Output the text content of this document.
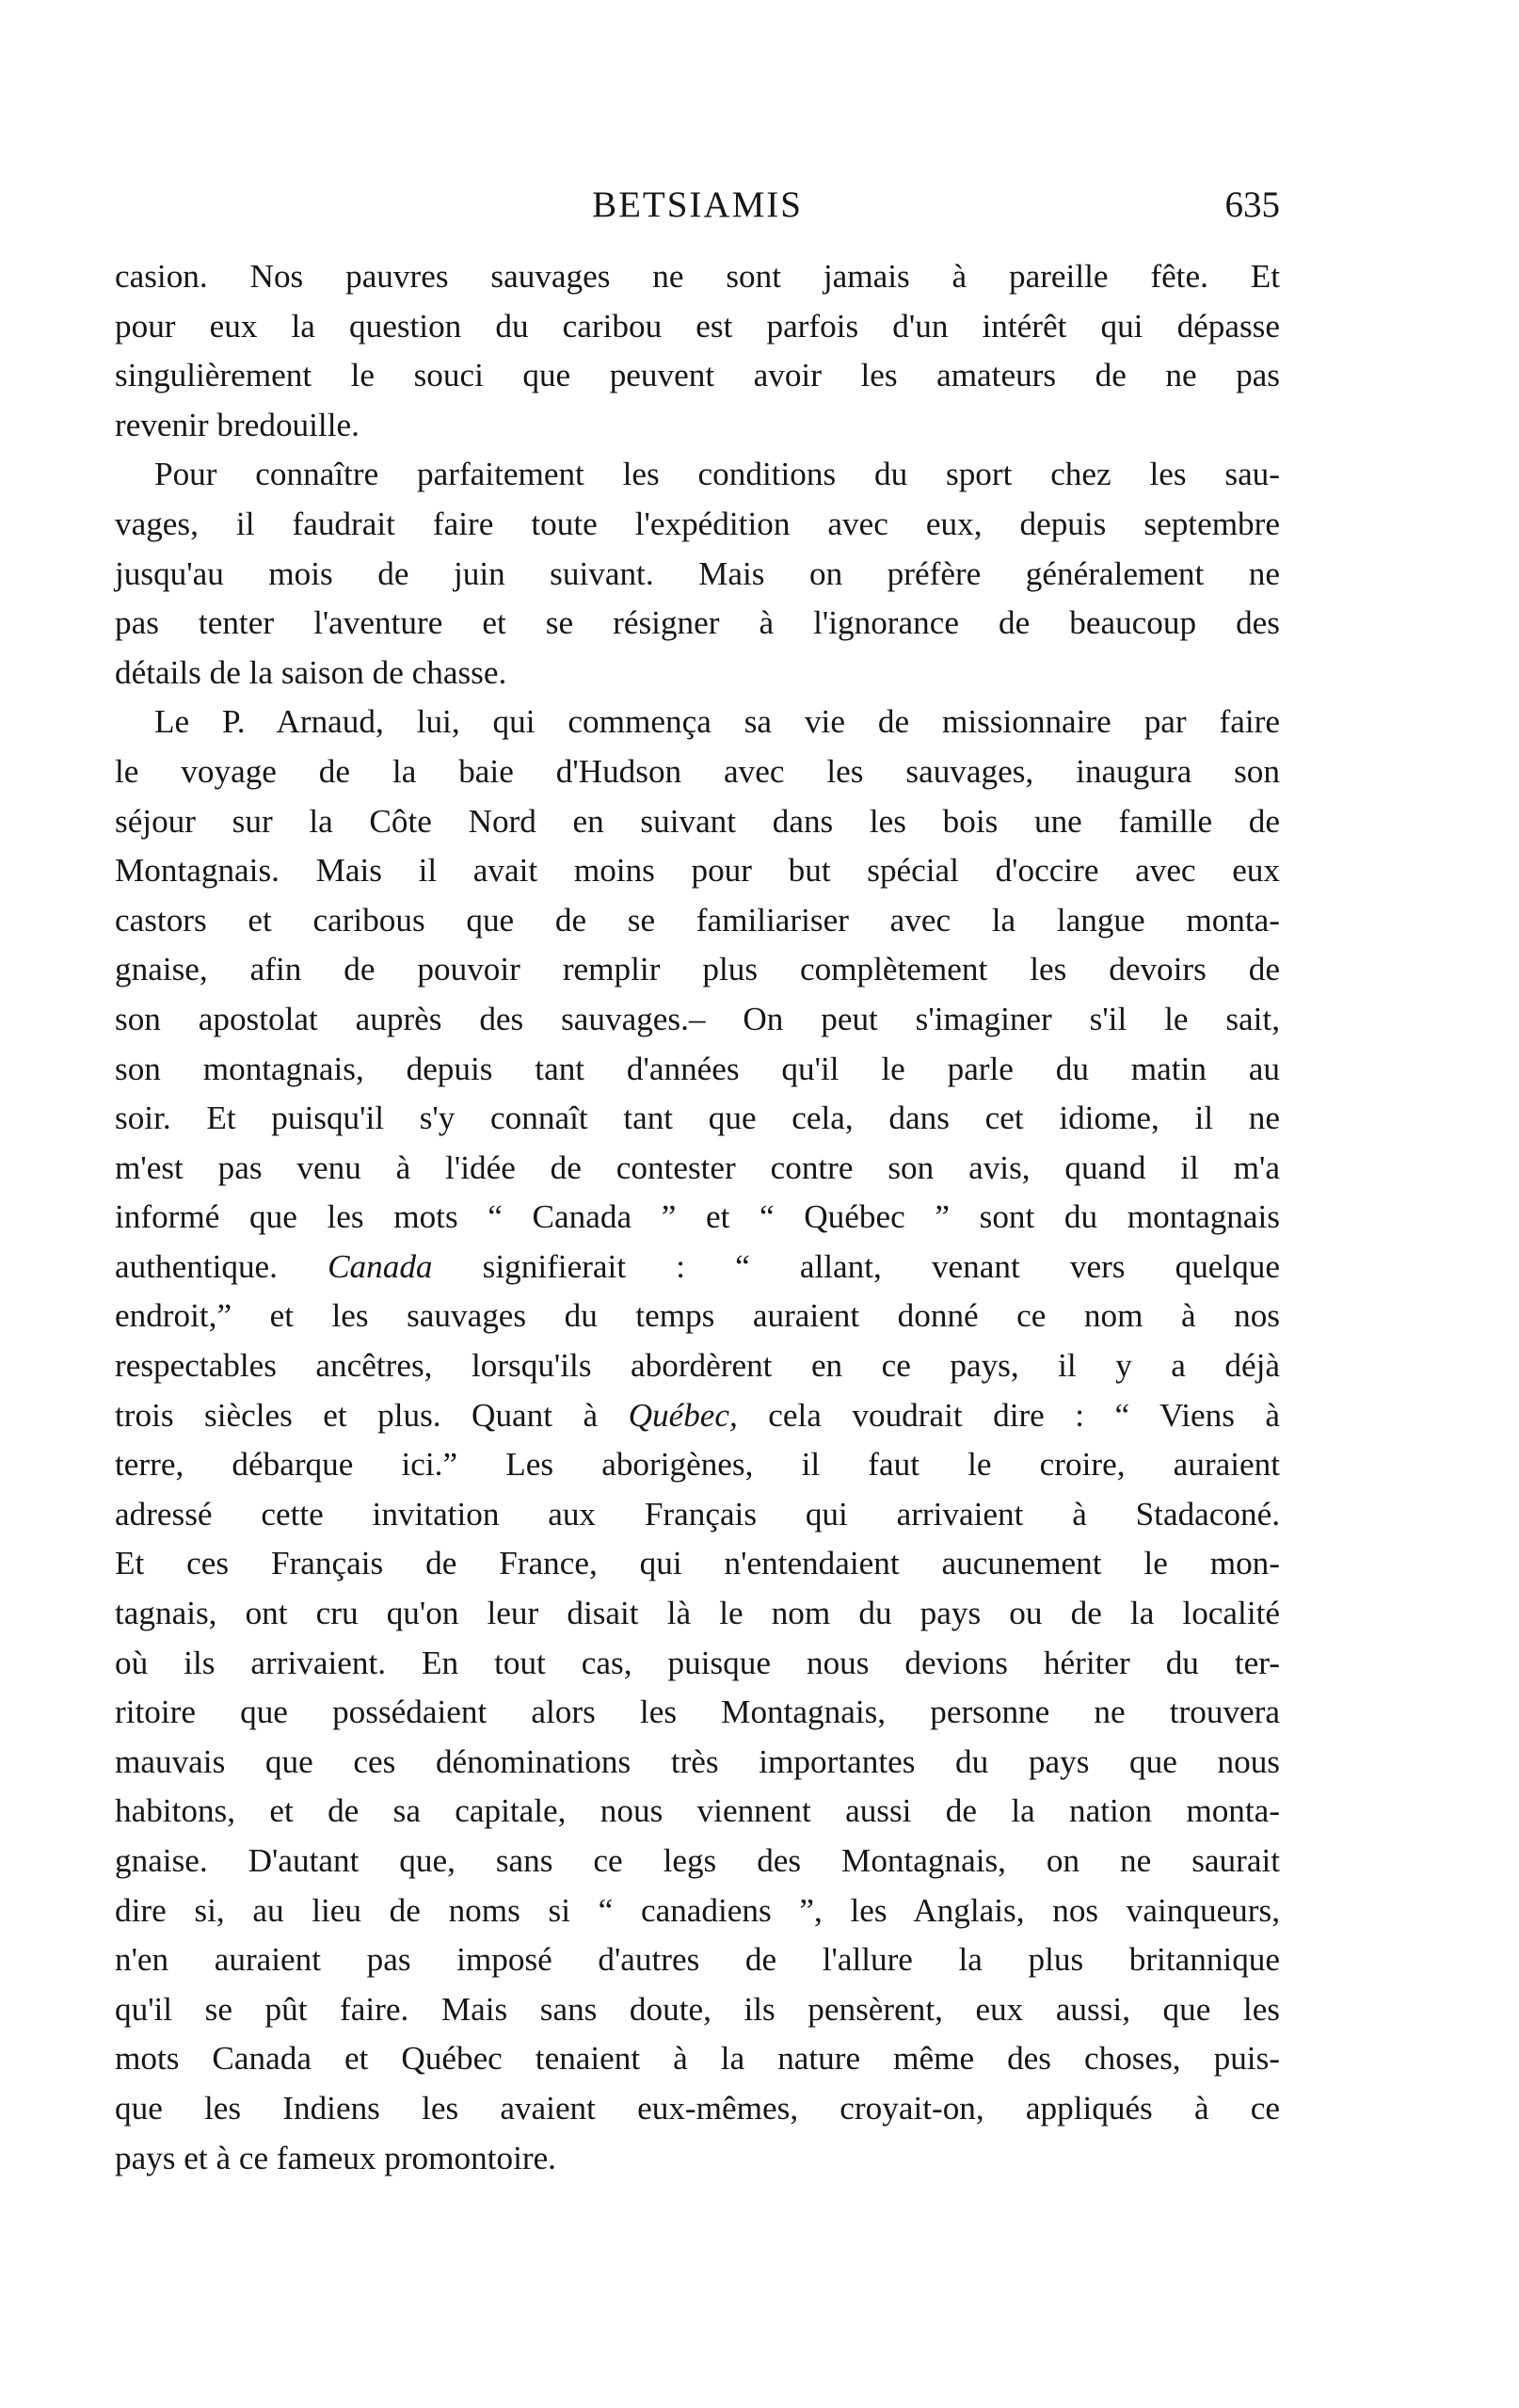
BETSIAMIS	635
casion. Nos pauvres sauvages ne sont jamais à pareille fête. Et
pour eux la question du caribou est parfois d'un intérêt qui dépasse
singulièrement le souci que peuvent avoir les amateurs de ne pas
revenir bredouille.
Pour connaître parfaitement les conditions du sport chez les sau-
vages, il faudrait faire toute l'expédition avec eux, depuis septembre
jusqu'au mois de juin suivant. Mais on préfère généralement ne
pas tenter l'aventure et se résigner à l'ignorance de beaucoup des
détails de la saison de chasse.
Le P. Arnaud, lui, qui commença sa vie de missionnaire par faire
le voyage de la baie d'Hudson avec les sauvages, inaugura son
séjour sur la Côte Nord en suivant dans les bois une famille de
Montagnais. Mais il avait moins pour but spécial d'occire avec eux
castors et caribous que de se familiariser avec la langue monta-
gnaise, afin de pouvoir remplir plus complètement les devoirs de
son apostolat auprès des sauvages.– On peut s'imaginer s'il le sait,
son montagnais, depuis tant d'années qu'il le parle du matin au
soir. Et puisqu'il s'y connaît tant que cela, dans cet idiome, il ne
m'est pas venu à l'idée de contester contre son avis, quand il m'a
informé que les mots “ Canada ” et “ Québec ” sont du montagnais
authentique. Canada signifierait : “ allant, venant vers quelque
endroit,” et les sauvages du temps auraient donné ce nom à nos
respectables ancêtres, lorsqu'ils abordèrent en ce pays, il y a déjà
trois siècles et plus. Quant à Québec, cela voudrait dire : “ Viens à
terre, débarque ici.” Les aborigènes, il faut le croire, auraient
adressé cette invitation aux Français qui arrivaient à Stadaconé.
Et ces Français de France, qui n'entendaient aucunement le mon-
tagnais, ont cru qu'on leur disait là le nom du pays ou de la localité
où ils arrivaient. En tout cas, puisque nous devions hériter du ter-
ritoire que possédaient alors les Montagnais, personne ne trouvera
mauvais que ces dénominations très importantes du pays que nous
habitons, et de sa capitale, nous viennent aussi de la nation monta-
gnaise. D'autant que, sans ce legs des Montagnais, on ne saurait
dire si, au lieu de noms si “ canadiens ”, les Anglais, nos vainqueurs,
n'en auraient pas imposé d'autres de l'allure la plus britannique
qu'il se pût faire. Mais sans doute, ils pensèrent, eux aussi, que les
mots Canada et Québec tenaient à la nature même des choses, puis-
que les Indiens les avaient eux-mêmes, croyait-on, appliqués à ce
pays et à ce fameux promontoire.
